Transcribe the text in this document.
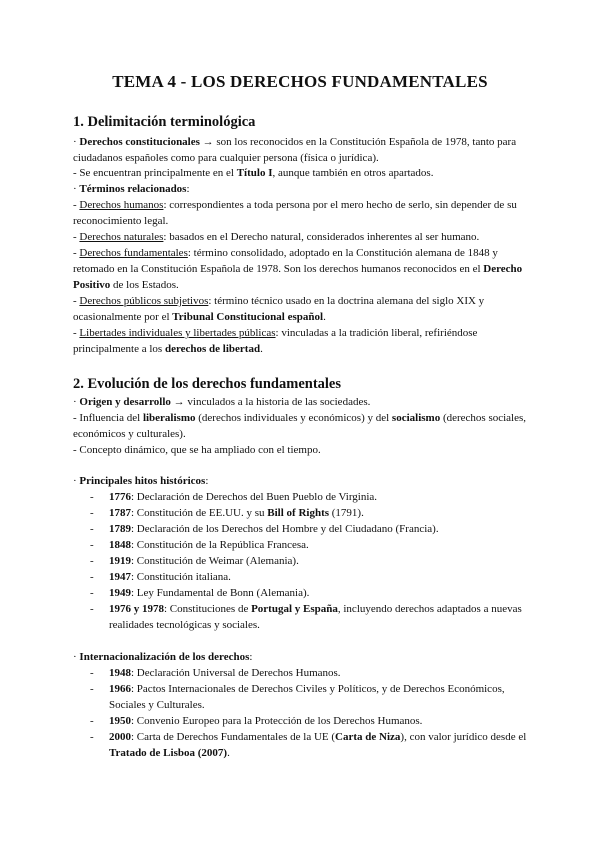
TEMA 4 - LOS DERECHOS FUNDAMENTALES
1. Delimitación terminológica
· Derechos constitucionales → son los reconocidos en la Constitución Española de 1978, tanto para ciudadanos españoles como para cualquier persona (física o jurídica).
- Se encuentran principalmente en el Título I, aunque también en otros apartados.
· Términos relacionados:
- Derechos humanos: correspondientes a toda persona por el mero hecho de serlo, sin depender de su reconocimiento legal.
- Derechos naturales: basados en el Derecho natural, considerados inherentes al ser humano.
- Derechos fundamentales: término consolidado, adoptado en la Constitución alemana de 1848 y retomado en la Constitución Española de 1978. Son los derechos humanos reconocidos en el Derecho Positivo de los Estados.
- Derechos públicos subjetivos: término técnico usado en la doctrina alemana del siglo XIX y ocasionalmente por el Tribunal Constitucional español.
- Libertades individuales y libertades públicas: vinculadas a la tradición liberal, refiriéndose principalmente a los derechos de libertad.
2. Evolución de los derechos fundamentales
· Origen y desarrollo → vinculados a la historia de las sociedades.
- Influencia del liberalismo (derechos individuales y económicos) y del socialismo (derechos sociales, económicos y culturales).
- Concepto dinámico, que se ha ampliado con el tiempo.
· Principales hitos históricos:
- 1776: Declaración de Derechos del Buen Pueblo de Virginia.
- 1787: Constitución de EE.UU. y su Bill of Rights (1791).
- 1789: Declaración de los Derechos del Hombre y del Ciudadano (Francia).
- 1848: Constitución de la República Francesa.
- 1919: Constitución de Weimar (Alemania).
- 1947: Constitución italiana.
- 1949: Ley Fundamental de Bonn (Alemania).
- 1976 y 1978: Constituciones de Portugal y España, incluyendo derechos adaptados a nuevas realidades tecnológicas y sociales.
· Internacionalización de los derechos:
- 1948: Declaración Universal de Derechos Humanos.
- 1966: Pactos Internacionales de Derechos Civiles y Políticos, y de Derechos Económicos, Sociales y Culturales.
- 1950: Convenio Europeo para la Protección de los Derechos Humanos.
- 2000: Carta de Derechos Fundamentales de la UE (Carta de Niza), con valor jurídico desde el Tratado de Lisboa (2007).
